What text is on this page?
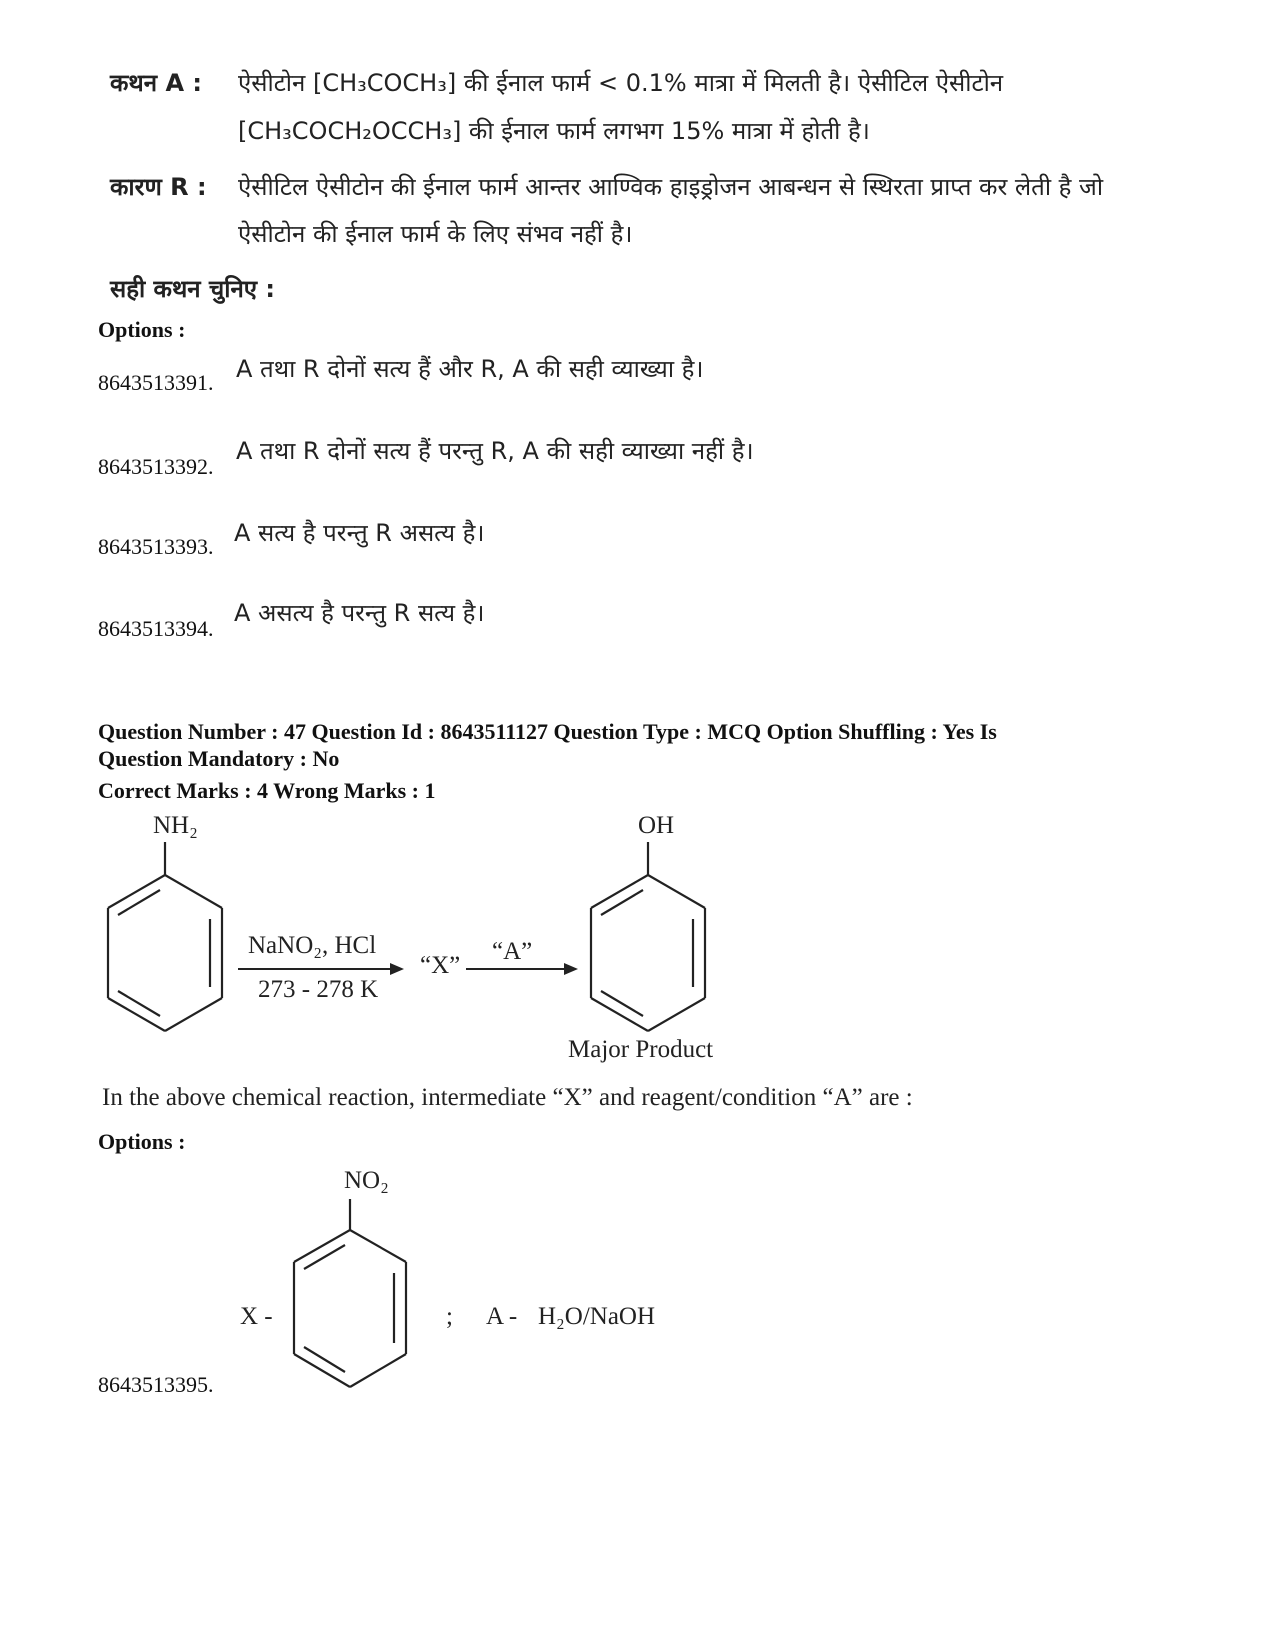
कथन A : ऐसीटोन [CH₃COCH₃] की ईनाल फार्म < 0.1% मात्रा में मिलती है। ऐसीटिल ऐसीटोन
[CH₃COCH₂OCCH₃] की ईनाल फार्म लगभग 15% मात्रा में होती है।
कारण R : ऐसीटिल ऐसीटोन की ईनाल फार्म आन्तर आण्विक हाइड्रोजन आबन्धन से स्थिरता प्राप्त कर लेती है जो
ऐसीटोन की ईनाल फार्म के लिए संभव नहीं है।
सही कथन चुनिए :
Options :
8643513391. A तथा R दोनों सत्य हैं और R, A की सही व्याख्या है।
8643513392.
A तथा R दोनों सत्य हैं परन्तु R, A की सही व्याख्या नहीं है।
8643513393. A सत्य है परन्तु R असत्य है।
8643513394.
A असत्य है परन्तु R सत्य है।
Question Number : 47 Question Id : 8643511127 Question Type : MCQ Option Shuffling : Yes Is
Question Mandatory : No
Correct Marks : 4 Wrong Marks : 1
NH₂
NaNO₂, HCl
273 - 278 K
“X”
“A”
OH
Major Product
In the above chemical reaction, intermediate “X” and reagent/condition “A” are :
Options :
NO₂
X -	; A - H₂O/NaOH
8643513395.
